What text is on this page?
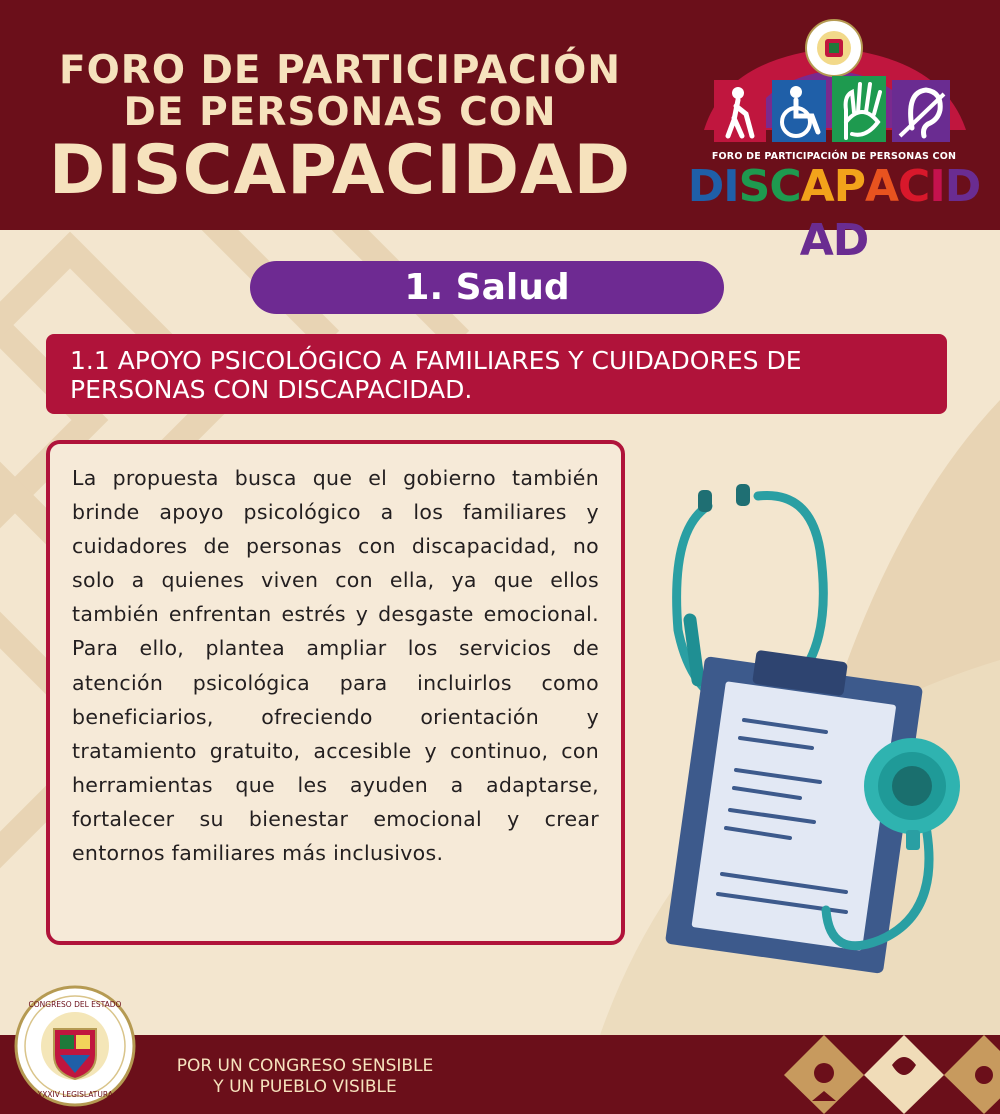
FORO DE PARTICIPACIÓN
DE PERSONAS CON
DISCAPACIDAD	FORO DE PARTICIPACIÓN DE PERSONAS CON
DISCAPACIDAD
1. Salud
1.1 APOYO PSICOLÓGICO A FAMILIARES Y CUIDADORES DE
PERSONAS CON DISCAPACIDAD.

La propuesta busca que el gobierno también brinde apoyo psicológico a los familiares y cuidadores de personas con discapacidad, no solo a quienes viven con ella, ya que ellos también enfrentan estrés y desgaste emocional. Para ello, plantea ampliar los servicios de atención psicológica para incluirlos como beneficiarios, ofreciendo orientación y tratamiento gratuito, accesible y continuo, con herramientas que les ayuden a adaptarse, fortalecer su bienestar emocional y crear entornos familiares más inclusivos.

CONGRESO DEL ESTADO
XXXIV LEGISLATURA
POR UN CONGRESO SENSIBLE
Y UN PUEBLO VISIBLE
